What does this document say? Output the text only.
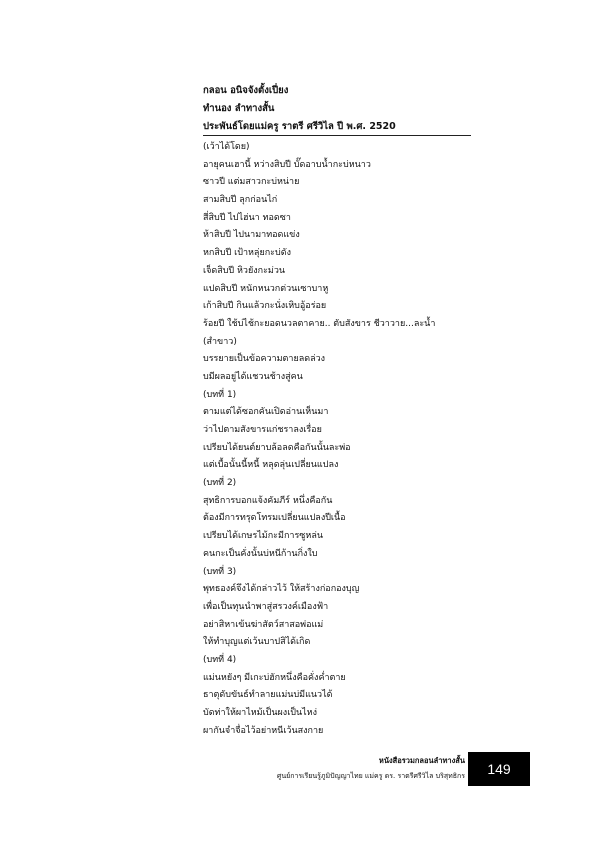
กลอน อนิจจังตั้งเปี่ยง
ทำนอง ลำทางสั้น
ประพันธ์โดยแม่ครู ราตรี ศรีวิไล ปี พ.ศ. 2520
(เว้าได้โดย)
อายุคนเฮานี้ หว่างสิบปี บั๊ดอาบน้ำกะบ่หนาว
ซาวปี แต่มสาวกะบ่หน่าย
สามสิบปี ลุกก่อนไก่
สี่สิบปี ไปไฮ่นา ทอดซา
ห้าสิบปี ไปนามาทอดแข่ง
หกสิบปี เป้าหลุ่ยกะบ่ดัง
เจ็ดสิบปี หิวยังกะม่วน
แปดสิบปี หนักหนวกต่วนเซาบาหู
เก้าสิบปี กินแล้วกะนั่งเหิบอู้อร่อย
ร้อยปี ใช้บ่ไช้กะยอดนวลตาคาย.. ตับสังขาร ชีวาวาย...ละน้ำ
(สำขาว)
บรรยายเป็นข้อความตายลดล่วง
บมีผลอยู่ได้แชวนช้างสู่คน
(บทที่ 1)
ตามแต่ได้ซอกคันเปิดอ่านเห็นมา
ว่าไปตามสังขารแก่ชราลงเรื่อย
เปรียบได้ยนต์ยาบล้อลดคือกันนั้นละพ่อ
แต่เบื้อนั้นนี้หนี้ หลุดลุ่นเปลี่ยนแปลง
(บทที่ 2)
สุทธิการบอกแจ้งคัมภีร์ หนึ่งคือกัน
ต้องมีการทรุดโทรมเปลี่ยนแปลงปีเนื้อ
เปรียบได้เกษรไม้กะมีการซูหล่น
คนกะเป็นคั่งนั้นบ่หนีก้านกิ่งใบ
(บทที่ 3)
พุทธองค์จึงได้กล่าวไว้ ให้สร้างก่อกองบุญ
เพื่อเป็นทุนนำพาสู่สรวงค์เมืองฟ้า
อย่าสิหาเข้นฆ่าสัตว์สาสอพ่อแม่
ให้ทำบุญแต่เว้นบาปสิได้เกิด
(บทที่ 4)
แม่นหยังๆ มีเกะบ่ฮักหนึ่งคือคั่งค่ำตาย
ธาตุดับขันธ์ทำลายแม่นบ่มีแนวได้
บัดท่าให้ผาไหม้เป็นผงเป็นไหง่
ผากันจำจื่อไว้อย่าหนีเว้นสงกาย
หนังสือรวมกลอนลำทางสั้น
ศูนย์การเรียนรู้ภูมิปัญญาไทย แม่ครู ดร. ราตรีศรีวิไล บริสุทธิกร	149
